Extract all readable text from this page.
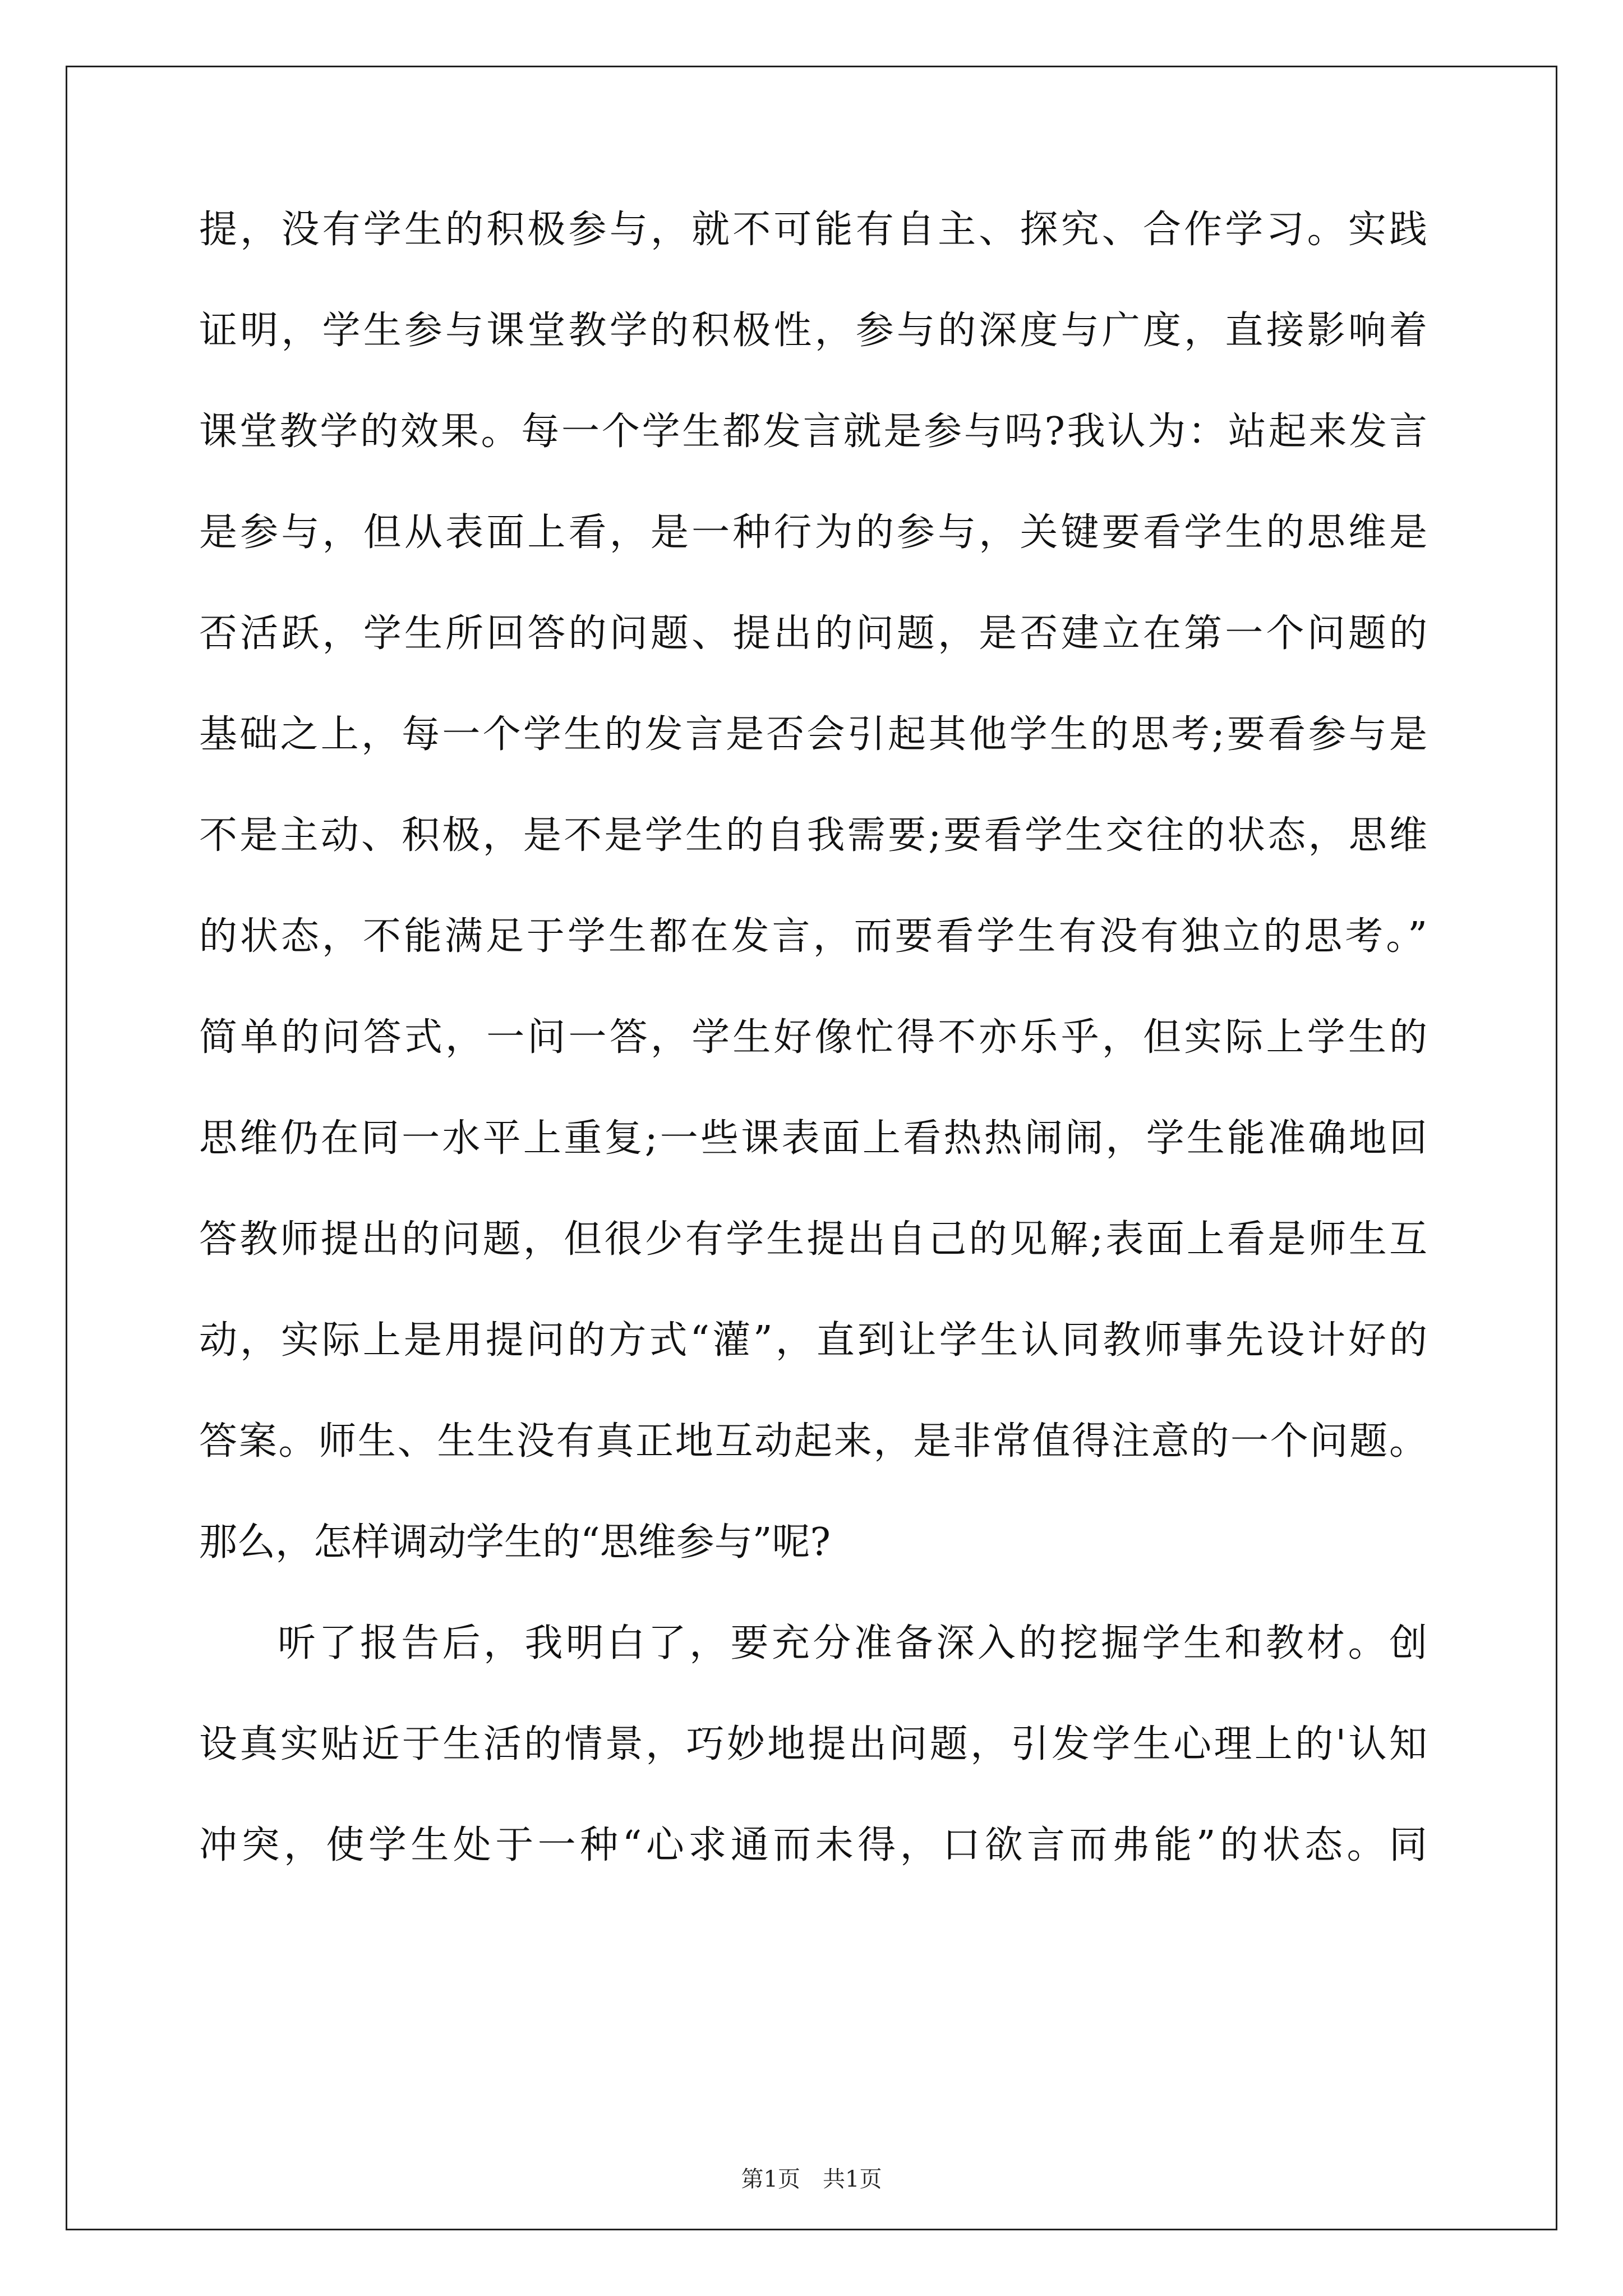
提，没有学生的积极参与，就不可能有自主、探究、合作学习。实践
证明，学生参与课堂教学的积极性，参与的深度与广度，直接影响着
课堂教学的效果。每一个学生都发言就是参与吗?我认为：站起来发言
是参与，但从表面上看，是一种行为的参与，关键要看学生的思维是
否活跃，学生所回答的问题、提出的问题，是否建立在第一个问题的
基础之上，每一个学生的发言是否会引起其他学生的思考;要看参与是
不是主动、积极，是不是学生的自我需要;要看学生交往的状态，思维
的状态，不能满足于学生都在发言，而要看学生有没有独立的思考。”
简单的问答式，一问一答，学生好像忙得不亦乐乎，但实际上学生的
思维仍在同一水平上重复;一些课表面上看热热闹闹，学生能准确地回
答教师提出的问题，但很少有学生提出自己的见解;表面上看是师生互
动，实际上是用提问的方式“灌”，直到让学生认同教师事先设计好的
答案。师生、生生没有真正地互动起来，是非常值得注意的一个问题。
那么，怎样调动学生的“思维参与”呢?
听了报告后，我明白了，要充分准备深入的挖掘学生和教材。创
设真实贴近于生活的情景，巧妙地提出问题，引发学生心理上的'认知
冲突，使学生处于一种“心求通而未得，口欲言而弗能”的状态。同
第1页　共1页
